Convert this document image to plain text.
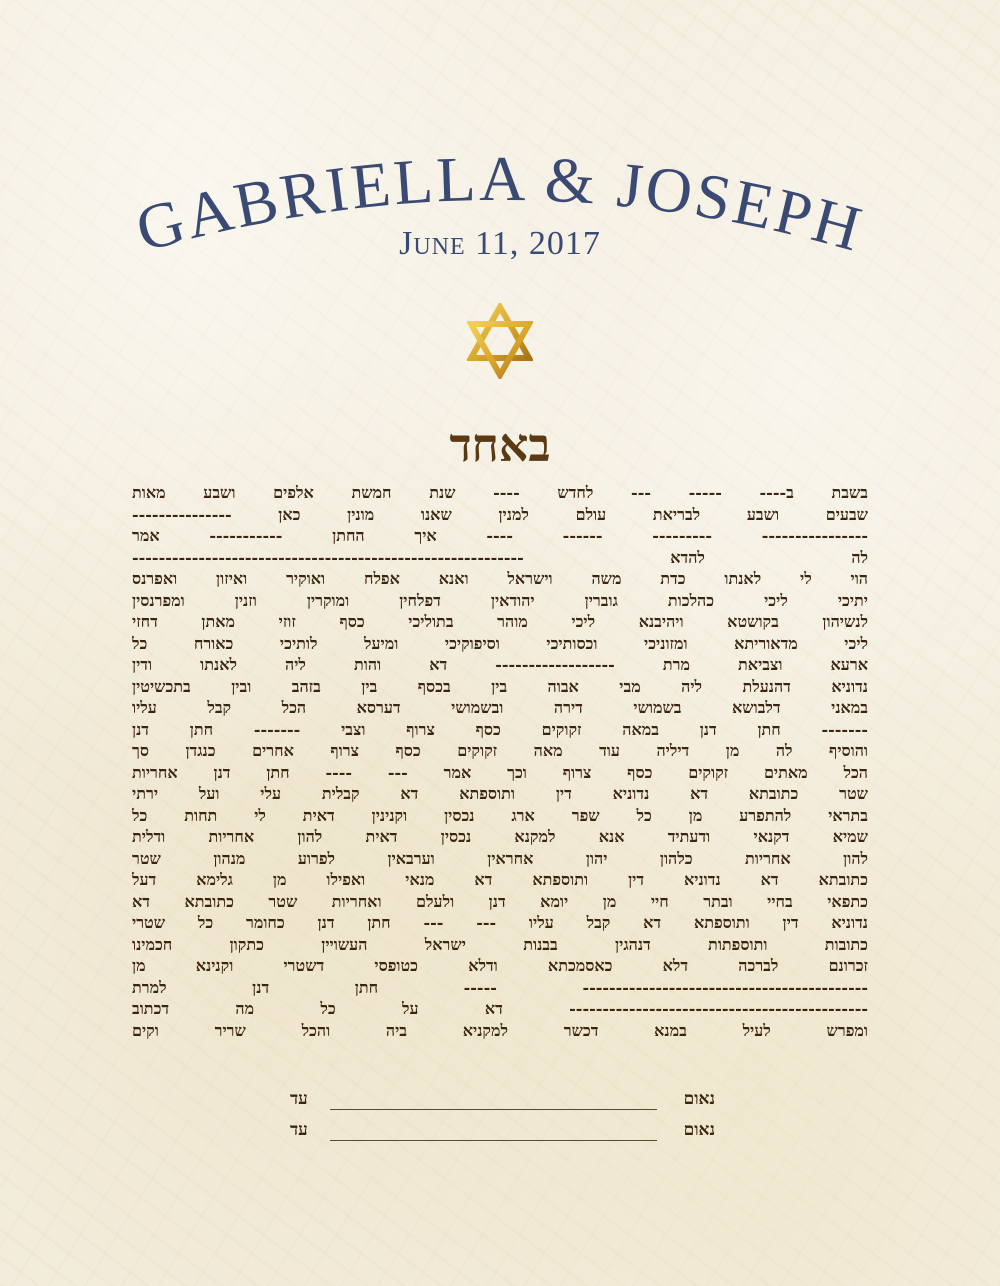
GABRIELLA & JOSEPH
June 11, 2017
באחד
בשבת ב---- ----- --- לחדש ---- שנת חמשת אלפים ושבע מאות
שבעים ושבע לבריאת עולם למנין שאנו מונין כאן ---------------
---------------- --------- ------ ---- איך החתן ----------- אמר
לה להדא -----------------------------------------------------------
הוי לי לאנתו כדת משה וישראל ואנא אפלח ואוקיר ואיזון ואפרנס
יתיכי ליכי כהלכות גוברין יהודאין דפלחין ומוקרין וזנין ומפרנסין
לנשיהון בקושטא ויהיבנא ליכי מוהר בתוליכי כסף זוזי מאתן דחזי
ליכי מדאוריתא ומזוניכי וכסותיכי וסיפוקיכי ומיעל לותיכי כאורח כל
ארעא וצביאת מרת ------------------ דא והות ליה לאנתו ודין
נדוניא דהנעלת ליה מבי אבוה בין בכסף בין בזהב ובין בתכשיטין
במאני דלבושא בשמושי דירה ובשמושי דערסא הכל קבל עליו
------- חתן דנן במאה זקוקים כסף צרוף וצבי ------- חתן דנן
והוסיף לה מן דיליה עוד מאה זקוקים כסף צרוף אחרים כנגדן סך
הכל מאתים זקוקים כסף צרוף וכך אמר --- ---- חתן דנן אחריות
שטר כתובתא דא נדוניא דין ותוספתא דא קבלית עלי ועל ירתי
בתראי להתפרע מן כל שפר ארג נכסין וקנינין דאית לי תחות כל
שמיא דקנאי ודעתיד אנא למקנא נכסין דאית להון אחריות ודלית
להון אחריות כלהון יהון אחראין וערבאין לפרוע מנהון שטר
כתובתא דא נדוניא דין ותוספתא דא מנאי ואפילו מן גלימא דעל
כתפאי בחיי ובתר חיי מן יומא דנן ולעלם ואחריות שטר כתובתא דא
נדוניא דין ותוספתא דא קבל עליו --- --- חתן דנן כחומר כל שטרי
כתובות ותוספתות דנהגין בבנות ישראל העשויין כתקון חכמינו
זכרונם לברכה דלא כאסמכתא ודלא כטופסי דשטרי וקנינא מן
------------------------------------------- ----- חתן דנן למרת
--------------------------------------------- דא על כל מה דכתוב
ומפרש לעיל במנא דכשר למקניא ביה והכל שריר וקים
נאום
עד
נאום
עד
